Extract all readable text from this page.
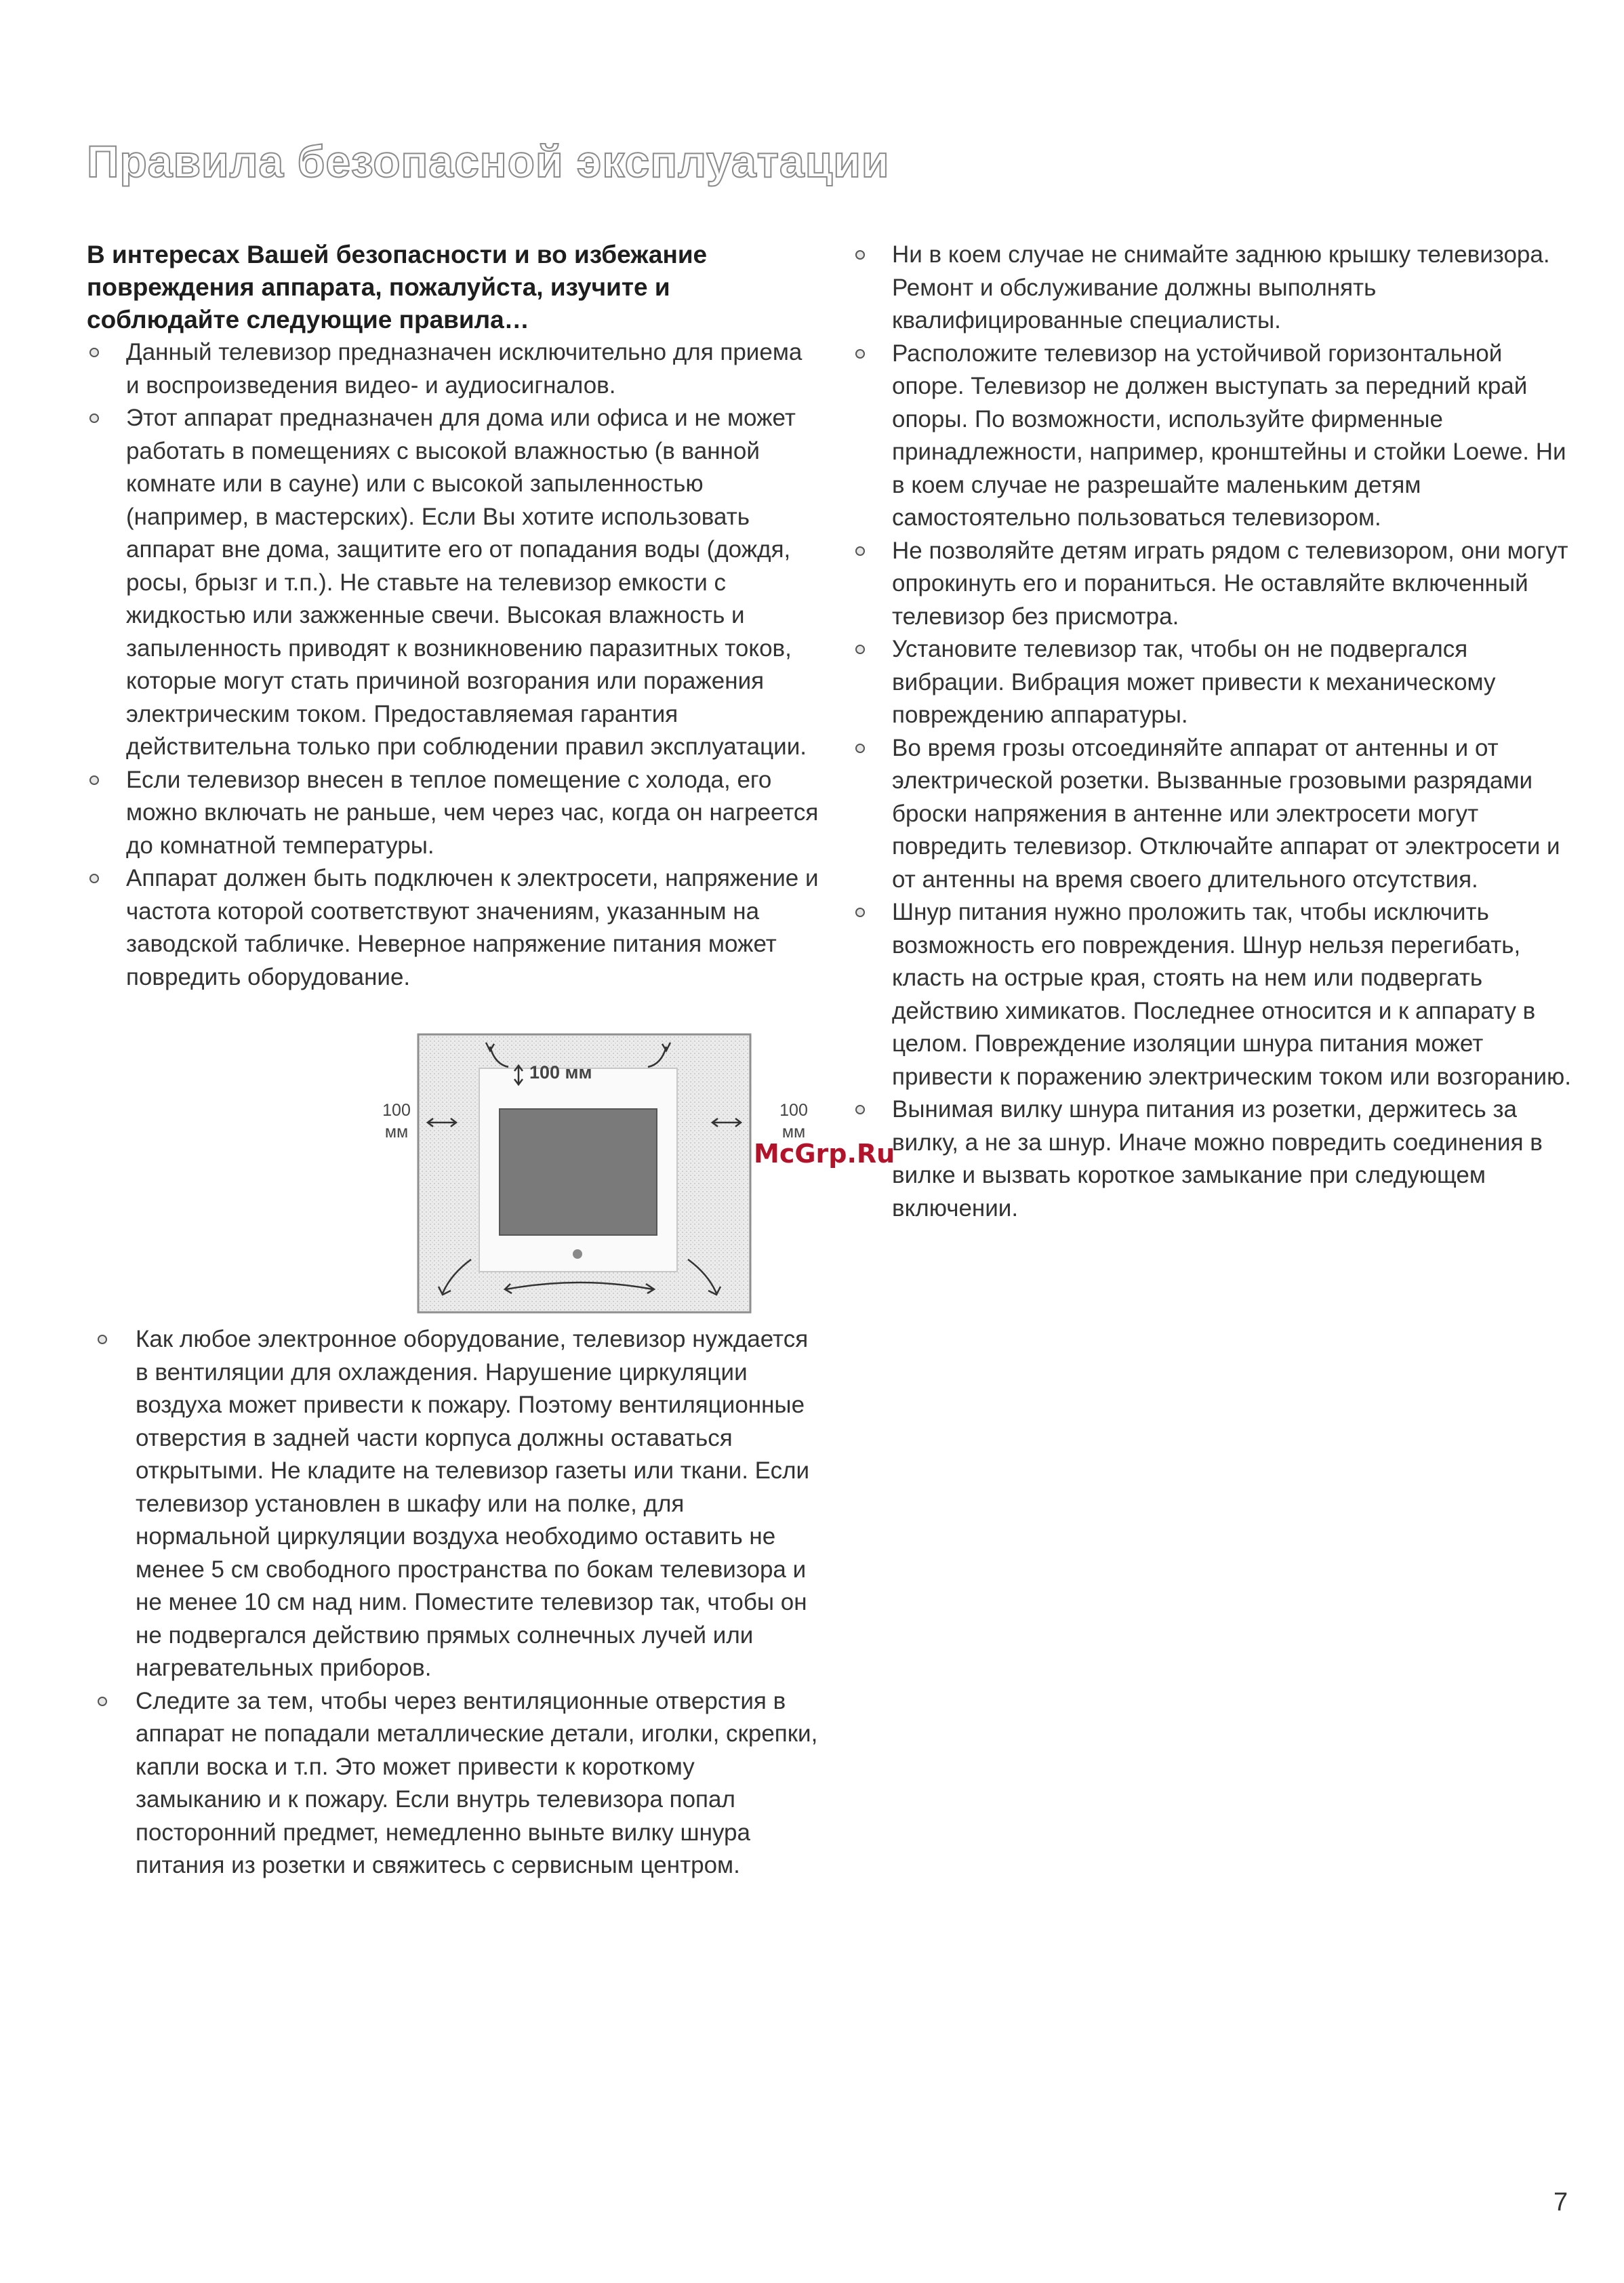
Правила безопасной эксплуатации

В интересах Вашей безопасности и во избежание повреждения аппарата, пожалуйста, изучите и соблюдайте следующие правила…

Данный телевизор предназначен исключительно для приема и воспроизведения видео- и аудиосигналов.
Этот аппарат предназначен для дома или офиса и не может работать в помещениях с высокой влажностью (в ванной комнате или в сауне) или с высокой запыленностью (например, в мастерских). Если Вы хотите использовать аппарат вне дома, защитите его от попадания воды (дождя, росы, брызг и т.п.). Не ставьте на телевизор емкости с жидкостью или зажженные свечи. Высокая влажность и запыленность приводят к возникновению паразитных токов, которые могут стать причиной возгорания или поражения электрическим током. Предоставляемая гарантия действительна только при соблюдении правил эксплуатации.
Если телевизор внесен в теплое помещение с холода, его можно включать не раньше, чем через час, когда он нагреется до комнатной температуры.
Аппарат должен быть подключен к электросети, напряжение и частота которой соответствуют значениям, указанным на заводской табличке. Неверное напряжение питания может повредить оборудование.
Как любое электронное оборудование, телевизор нуждается в вентиляции для охлаждения. Нарушение циркуляции воздуха может привести к пожару. Поэтому вентиляционные отверстия в задней части корпуса должны оставаться открытыми. Не кладите на телевизор газеты или ткани. Если телевизор установлен в шкафу или на полке, для нормальной циркуляции воздуха необходимо оставить не менее 5 см свободного пространства по бокам телевизора и не менее 10 см над ним. Поместите телевизор так, чтобы он не подвергался действию прямых солнечных лучей или нагревательных приборов.
Следите за тем, чтобы через вентиляционные отверстия в аппарат не попадали металлические детали, иголки, скрепки, капли воска и т.п. Это может привести к короткому замыканию и к пожару. Если внутрь телевизора попал посторонний предмет, немедленно выньте вилку шнура питания из розетки и свяжитесь с сервисным центром.
100 мм
100
мм
100
мм
McGrp.Ru
Ни в коем случае не снимайте заднюю крышку телевизора. Ремонт и обслуживание должны выполнять квалифицированные специалисты.
Расположите телевизор на устойчивой горизонтальной опоре. Телевизор не должен выступать за передний край опоры. По возможности, используйте фирменные принадлежности, например, кронштейны и стойки Loewe. Ни в коем случае не разрешайте маленьким детям самостоятельно пользоваться телевизором.
Не позволяйте детям играть рядом с телевизором, они могут опрокинуть его и пораниться. Не оставляйте включенный телевизор без присмотра.
Установите телевизор так, чтобы он не подвергался вибрации. Вибрация может привести к механическому повреждению аппаратуры.
Во время грозы отсоединяйте аппарат от антенны и от электрической розетки. Вызванные грозовыми разрядами броски напряжения в антенне или электросети могут повредить телевизор. Отключайте аппарат от электросети и от антенны на время своего длительного отсутствия.
Шнур питания нужно проложить так, чтобы исключить возможность его повреждения. Шнур нельзя перегибать, класть на острые края, стоять на нем или подвергать действию химикатов. Последнее относится и к аппарату в целом. Повреждение изоляции шнура питания может привести к поражению электрическим током или возгоранию.
Вынимая вилку шнура питания из розетки, держитесь за вилку, а не за шнур. Иначе можно повредить соединения в вилке и вызвать короткое замыкание при следующем включении.
7
